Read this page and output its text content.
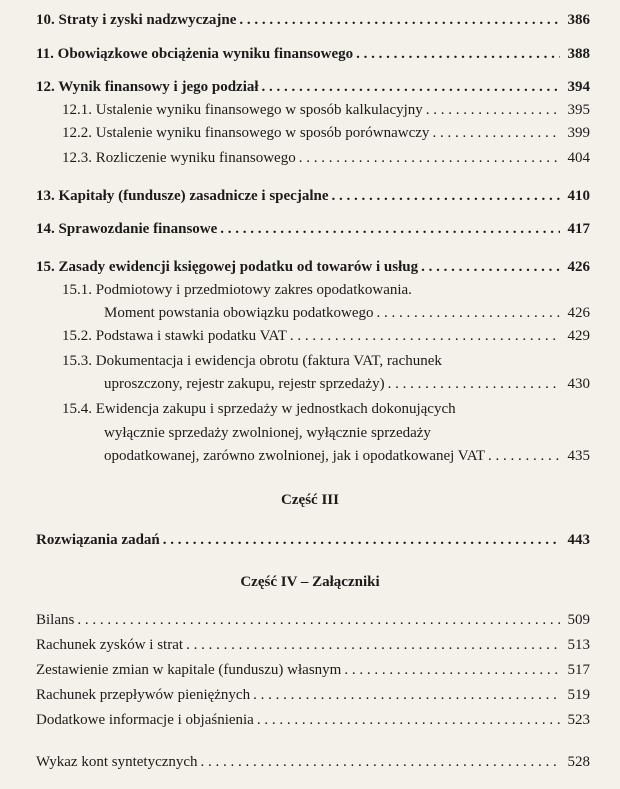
10. Straty i zyski nadzwyczajne . . .	386
11. Obowiązkowe obciążenia wyniku finansowego . . .	388
12. Wynik finansowy i jego podział . . .	394
12.1. Ustalenie wyniku finansowego w sposób kalkulacyjny . . .	395
12.2. Ustalenie wyniku finansowego w sposób porównawczy . . .	399
12.3. Rozliczenie wyniku finansowego . . .	404
13. Kapitały (fundusze) zasadnicze i specjalne . . .	410
14. Sprawozdanie finansowe . . .	417
15. Zasady ewidencji księgowej podatku od towarów i usług . . .	426
15.1. Podmiotowy i przedmiotowy zakres opodatkowania.
Moment powstania obowiązku podatkowego . . .	426
15.2. Podstawa i stawki podatku VAT . . .	429
15.3. Dokumentacja i ewidencja obrotu (faktura VAT, rachunek
uproszczony, rejestr zakupu, rejestr sprzedaży) . . .	430
15.4. Ewidencja zakupu i sprzedaży w jednostkach dokonujących
wyłącznie sprzedaży zwolnionej, wyłącznie sprzedaży
opodatkowanej, zarówno zwolnionej, jak i opodatkowanej VAT . . .	435
Część III
Rozwiązania zadań . . .	443
Część IV – Załączniki
Bilans . . .	509
Rachunek zysków i strat . . .	513
Zestawienie zmian w kapitale (funduszu) własnym . . .	517
Rachunek przepływów pieniężnych . . .	519
Dodatkowe informacje i objaśnienia . . .	523
Wykaz kont syntetycznych . . .	528
